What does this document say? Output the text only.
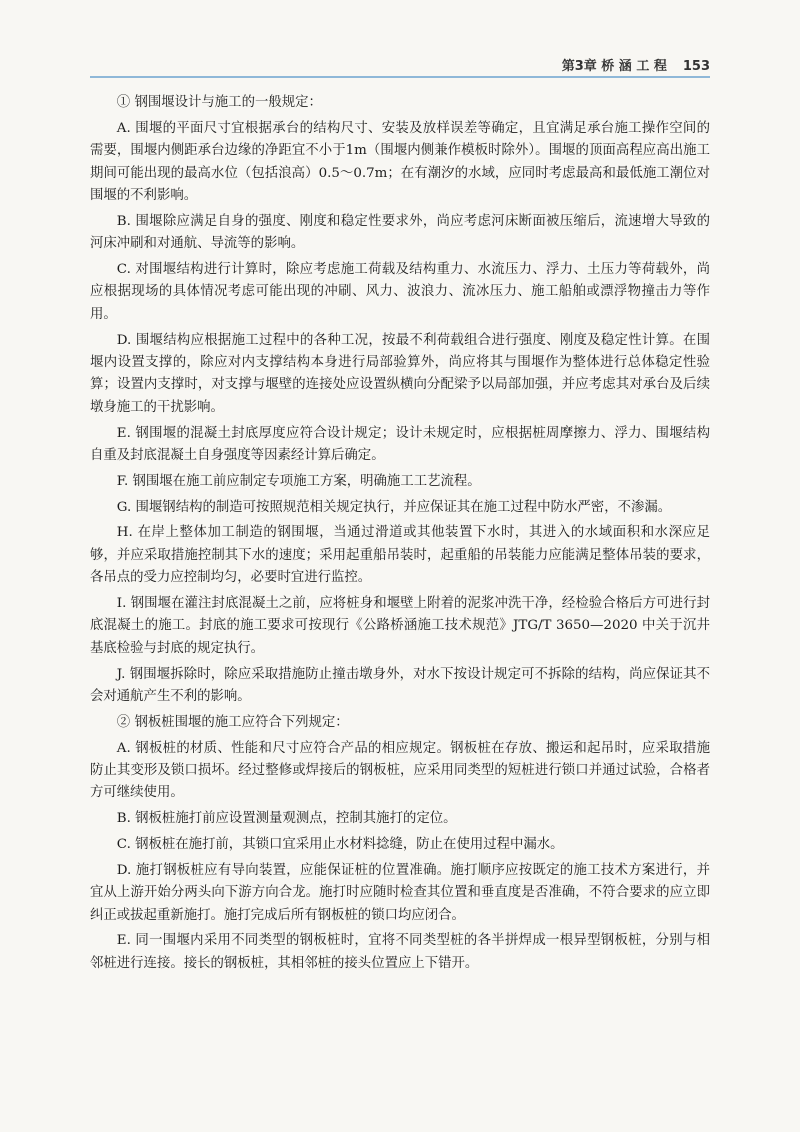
第3章 桥 涵 工 程 153

① 钢围堰设计与施工的一般规定：

A. 围堰的平面尺寸宜根据承台的结构尺寸、安装及放样误差等确定，且宜满足承台施工操作空间的需要，围堰内侧距承台边缘的净距宜不小于1m（围堰内侧兼作模板时除外）。围堰的顶面高程应高出施工期间可能出现的最高水位（包括浪高）0.5～0.7m；在有潮汐的水域，应同时考虑最高和最低施工潮位对围堰的不利影响。

B. 围堰除应满足自身的强度、刚度和稳定性要求外，尚应考虑河床断面被压缩后，流速增大导致的河床冲刷和对通航、导流等的影响。

C. 对围堰结构进行计算时，除应考虑施工荷载及结构重力、水流压力、浮力、土压力等荷载外，尚应根据现场的具体情况考虑可能出现的冲刷、风力、波浪力、流冰压力、施工船舶或漂浮物撞击力等作用。

D. 围堰结构应根据施工过程中的各种工况，按最不利荷载组合进行强度、刚度及稳定性计算。在围堰内设置支撑的，除应对内支撑结构本身进行局部验算外，尚应将其与围堰作为整体进行总体稳定性验算；设置内支撑时，对支撑与堰壁的连接处应设置纵横向分配梁予以局部加强，并应考虑其对承台及后续墩身施工的干扰影响。

E. 钢围堰的混凝土封底厚度应符合设计规定；设计未规定时，应根据桩周摩擦力、浮力、围堰结构自重及封底混凝土自身强度等因素经计算后确定。

F. 钢围堰在施工前应制定专项施工方案，明确施工工艺流程。

G. 围堰钢结构的制造可按照规范相关规定执行，并应保证其在施工过程中防水严密，不渗漏。

H. 在岸上整体加工制造的钢围堰，当通过滑道或其他装置下水时，其进入的水域面积和水深应足够，并应采取措施控制其下水的速度；采用起重船吊装时，起重船的吊装能力应能满足整体吊装的要求，各吊点的受力应控制均匀，必要时宜进行监控。

I. 钢围堰在灌注封底混凝土之前，应将桩身和堰壁上附着的泥浆冲洗干净，经检验合格后方可进行封底混凝土的施工。封底的施工要求可按现行《公路桥涵施工技术规范》JTG/T 3650—2020 中关于沉井基底检验与封底的规定执行。

J. 钢围堰拆除时，除应采取措施防止撞击墩身外，对水下按设计规定可不拆除的结构，尚应保证其不会对通航产生不利的影响。

② 钢板桩围堰的施工应符合下列规定：

A. 钢板桩的材质、性能和尺寸应符合产品的相应规定。钢板桩在存放、搬运和起吊时，应采取措施防止其变形及锁口损坏。经过整修或焊接后的钢板桩，应采用同类型的短桩进行锁口并通过试验，合格者方可继续使用。

B. 钢板桩施打前应设置测量观测点，控制其施打的定位。

C. 钢板桩在施打前，其锁口宜采用止水材料捻缝，防止在使用过程中漏水。

D. 施打钢板桩应有导向装置，应能保证桩的位置准确。施打顺序应按既定的施工技术方案进行，并宜从上游开始分两头向下游方向合龙。施打时应随时检查其位置和垂直度是否准确，不符合要求的应立即纠正或拔起重新施打。施打完成后所有钢板桩的锁口均应闭合。

E. 同一围堰内采用不同类型的钢板桩时，宜将不同类型桩的各半拼焊成一根异型钢板桩，分别与相邻桩进行连接。接长的钢板桩，其相邻桩的接头位置应上下错开。
